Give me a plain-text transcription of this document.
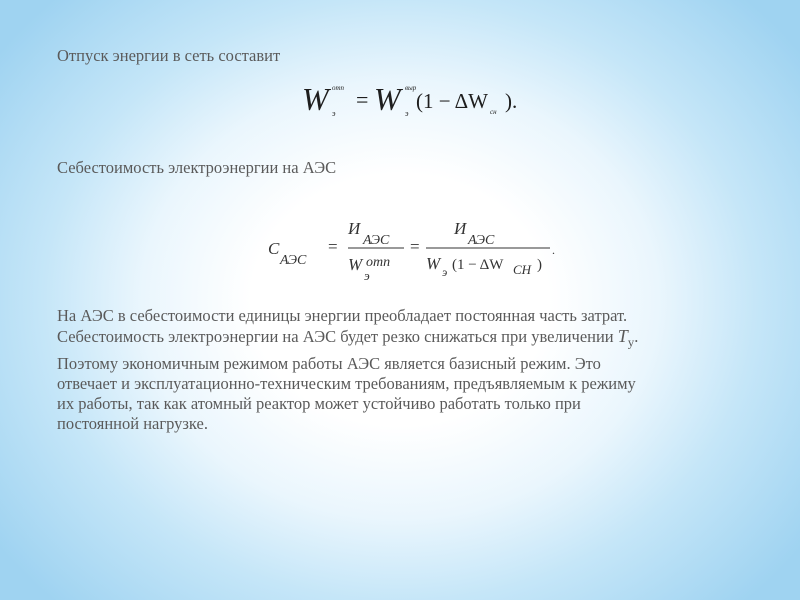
Отпуск энергии в сеть составит
W отп
э
= W выр
э
(1 − ΔW сн ).
Себестоимость электроэнергии на АЭС
C
АЭС
=
И
АЭС
W отп
э
=
И
АЭС
W э (1 − ΔW CH )
.
На АЭС в себестоимости единицы энергии преобладает постоянная часть затрат.
Себестоимость электроэнергии на АЭС будет резко снижаться при увеличении $T_у$.
Поэтому экономичным режимом работы АЭС является базисный режим. Это
отвечает и эксплуатационно-техническим требованиям, предъявляемым к режиму
их работы, так как атомный реактор может устойчиво работать только при
постоянной нагрузке.
